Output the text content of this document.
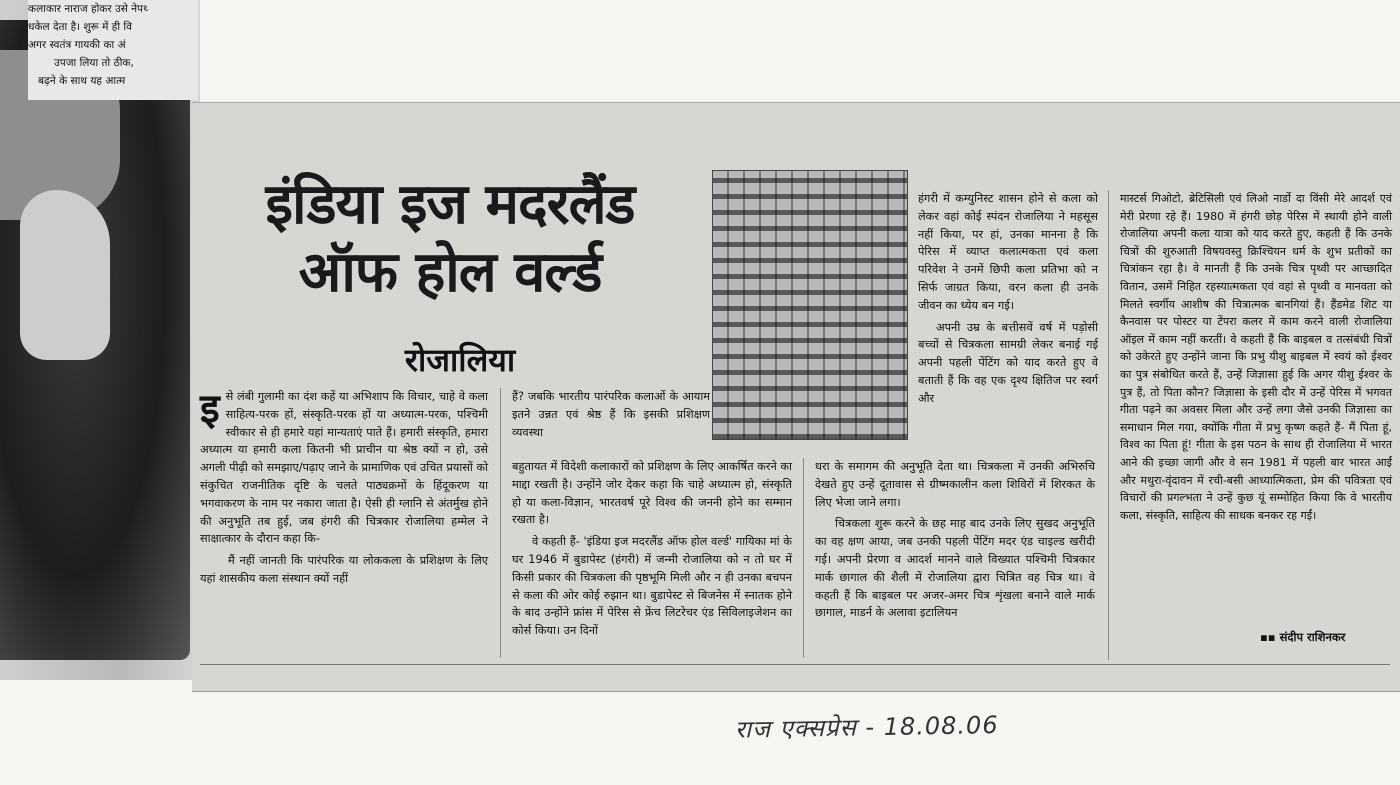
कलाकार नाराज होकर उसे नेपथ्‍
धकेल देता है। शुरू में ही वि
अगर स्वतंत्र गायकी का अं
उपजा लिया तो ठीक,
बढ़ने के साथ यह आत्म
इंडिया इज मदरलैंड
ऑफ होल वर्ल्ड
रोजालिया

इसे लंबी गुलामी का दंश कहें या अभिशाप कि विचार, चाहे वे कला साहित्य-परक हों, संस्कृति-परक हों या अध्यात्म-परक, पश्चिमी स्वीकार से ही हमारे यहां मान्यताएं पाते हैं। हमारी संस्कृति, हमारा अध्यात्म या हमारी कला कितनी भी प्राचीन या श्रेष्ठ क्यों न हो, उसे अगली पीढ़ी को समझाए/पढ़ाए जाने के प्रामाणिक एवं उचित प्रयासों को संकुचित राजनीतिक दृष्टि के चलते पाठ्यक्रमों के हिंदूकरण या भगवाकरण के नाम पर नकारा जाता है। ऐसी ही ग्लानि से अंतर्मुख होने की अनुभूति तब हुई, जब हंगरी की चित्रकार रोजालिया हम्मेल ने साक्षात्कार के दौरान कहा कि-

मैं नहीं जानती कि पारंपरिक या लोककला के प्रशिक्षण के लिए यहां शासकीय कला संस्थान क्यों नहीं

हैं? जबकि भारतीय पारंपरिक कलाओं के आयाम इतने उन्नत एवं श्रेष्ठ हैं कि इसकी प्रशिक्षण व्यवस्था

बहुतायत में विदेशी कलाकारों को प्रशिक्षण के लिए आकर्षित करने का माद्दा रखती है। उन्होंने जोर देकर कहा कि चाहे अध्यात्म हो, संस्कृति हो या कला-विज्ञान, भारतवर्ष पूरे विश्व की जननी होने का सम्मान रखता है।

वे कहती हैं- 'इंडिया इज मदरलैंड ऑफ होल वर्ल्ड' गायिका मां के घर 1946 में बुडापेस्ट (हंगरी) में जन्मी रोजालिया को न तो घर में किसी प्रकार की चित्रकला की पृष्ठभूमि मिली और न ही उनका बचपन से कला की ओर कोई रुझान था। बुडापेस्ट से बिजनेस में स्नातक होने के बाद उन्होंने फ्रांस में पेरिस से फ्रेंच लिटरेचर एंड सिविलाइजेशन का कोर्स किया। उन दिनों

हंगरी में कम्युनिस्ट शासन होने से कला को लेकर वहां कोई स्पंदन रोजालिया ने महसूस नहीं किया, पर हां, उनका मानना है कि पेरिस में व्याप्त कलात्मकता एवं कला परिवेश ने उनमें छिपी कला प्रतिभा को न सिर्फ जाग्रत किया, वरन कला ही उनके जीवन का ध्येय बन गई।

अपनी उम्र के बत्तीसवें वर्ष में पड़ोसी बच्चों से चित्रकला सामग्री लेकर बनाई गई अपनी पहली पेंटिंग को याद करते हुए वे बताती हैं कि वह एक दृश्य क्षितिज पर स्वर्ग और

धरा के समागम की अनुभूति देता था। चित्रकला में उनकी अभिरुचि देखते हुए उन्हें दूतावास से ग्रीष्मकालीन कला शिविरों में शिरकत के लिए भेजा जाने लगा।

चित्रकला शुरू करने के छह माह बाद उनके लिए सुखद अनुभूति का वह क्षण आया, जब उनकी पहली पेंटिंग मदर एंड चाइल्ड खरीदी गई। अपनी प्रेरणा व आदर्श मानने वाले विख्यात पश्चिमी चित्रकार मार्क छागाल की शैली में रोजालिया द्वारा चित्रित वह चित्र था। वे कहती हैं कि बाइबल पर अजर-अमर चित्र शृंखला बनाने वाले मार्क छागाल, माडर्न के अलावा इटालियन

मास्टर्स गिओटो, ब्रेटिसिली एवं लिओ नार्डो दा विंसी मेरे आदर्श एवं मेरी प्रेरणा रहे हैं। 1980 में हंगरी छोड़ पेरिस में स्थायी होने वाली रोजालिया अपनी कला यात्रा को याद करते हुए, कहती हैं कि उनके चित्रों की शुरुआती विषयवस्तु क्रिश्चियन धर्म के शुभ प्रतीकों का चित्रांकन रहा है। वे मानती हैं कि उनके चित्र पृथ्वी पर आच्छादित वितान, उसमें निहित रहस्यात्मकता एवं वहां से पृथ्वी व मानवता को मिलते स्वर्गीय आशीष की चित्रात्मक बानगियां हैं। हैंडमेड शिट या कैनवास पर पोस्टर या टेंपरा कलर में काम करने वाली रोजालिया ऑइल में काम नहीं करतीं। वे कहती हैं कि बाइबल व तत्संबंधी चित्रों को उकेरते हुए उन्होंने जाना कि प्रभु यीशु बाइबल में स्वयं को ईश्वर का पुत्र संबोधित करते हैं, उन्हें जिज्ञासा हुई कि अगर यीशु ईश्वर के पुत्र हैं, तो पिता कौन? जिज्ञासा के इसी दौर में उन्हें पेरिस में भगवत गीता पढ़ने का अवसर मिला और उन्हें लगा जैसे उनकी जिज्ञासा का समाधान मिल गया, क्योंकि गीता में प्रभु कृष्ण कहते हैं- मैं पिता हूं, विश्व का पिता हूं! गीता के इस पठन के साथ ही रोजालिया में भारत आने की इच्छा जागी और वे सन 1981 में पहली बार भारत आईं और मथुरा-वृंदावन में रची-बसी आध्यात्मिकता, प्रेम की पवित्रता एवं विचारों की प्रगल्भता ने उन्हें कुछ यूं सम्मोहित किया कि वे भारतीय कला, संस्कृति, साहित्य की साधक बनकर रह गईं।
▪▪ संदीप राशिनकर
राज एक्सप्रेस - 18.08.06
